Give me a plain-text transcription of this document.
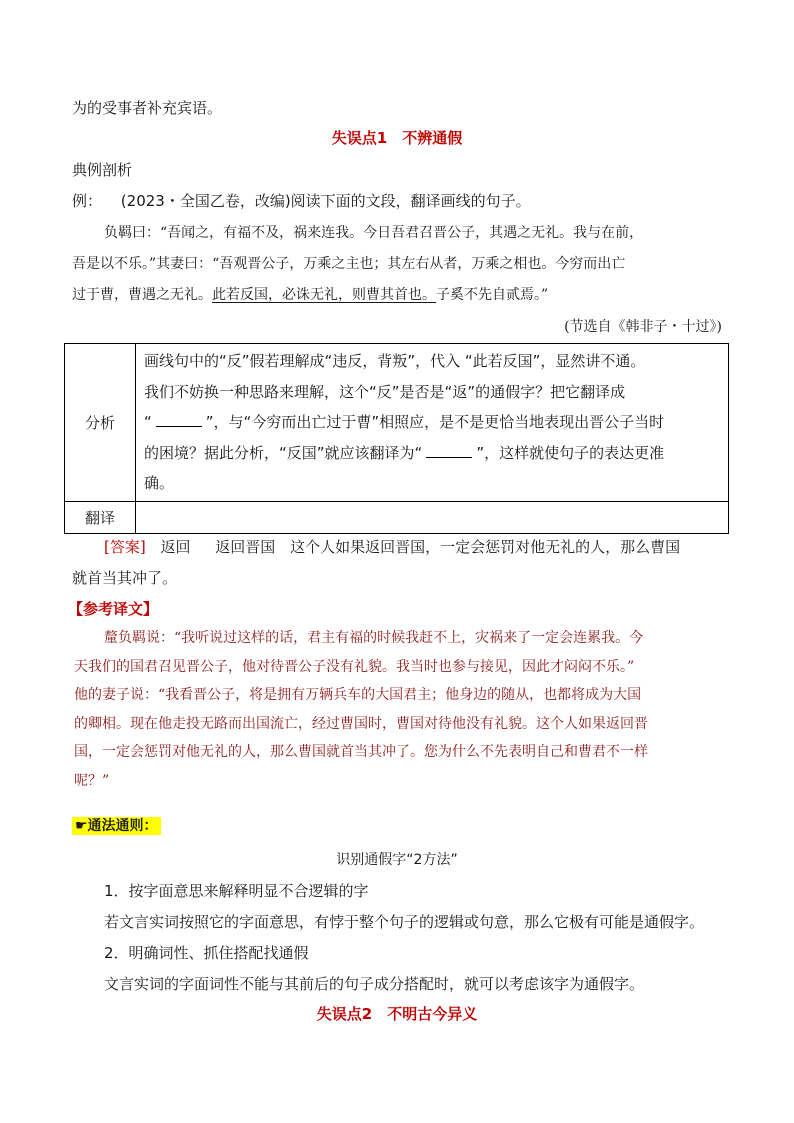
为的受事者补充宾语。
失误点1　不辨通假
典例剖析
例： (2023・全国乙卷，改编)阅读下面的文段，翻译画线的句子。
负羁曰：“吾闻之，有福不及，祸来连我。今日吾君召晋公子，其遇之无礼。我与在前，
吾是以不乐。”其妻曰：“吾观晋公子，万乘之主也；其左右从者，万乘之相也。今穷而出亡
过于曹，曹遇之无礼。此若反国，必诛无礼，则曹其首也。子奚不先自贰焉。”
(节选自《韩非子・十过》)
分析	画线句中的“反”假若理解成“违反，背叛”，代入 “此若反国”，显然讲不通。
我们不妨换一种思路来理解，这个“反”是否是“返”的通假字？把它翻译成
“ ”，与“今穷而出亡过于曹”相照应，是不是更恰当地表现出晋公子当时
的困境？据此分析，“反国”就应该翻译为“ ”，这样就使句子的表达更准
确。

翻译	
[答案] 返回 返回晋国 这个人如果返回晋国，一定会惩罚对他无礼的人，那么曹国
就首当其冲了。
【参考译文】
釐负羁说：“我听说过这样的话，君主有福的时候我赶不上，灾祸来了一定会连累我。今
天我们的国君召见晋公子，他对待晋公子没有礼貌。我当时也参与接见，因此才闷闷不乐。”
他的妻子说：“我看晋公子，将是拥有万辆兵车的大国君主；他身边的随从，也都将成为大国
的卿相。现在他走投无路而出国流亡，经过曹国时，曹国对待他没有礼貌。这个人如果返回晋
国，一定会惩罚对他无礼的人，那么曹国就首当其冲了。您为什么不先表明自己和曹君不一样
呢？”
☛通法通则：
识别通假字“2方法”
1．按字面意思来解释明显不合逻辑的字
若文言实词按照它的字面意思，有悖于整个句子的逻辑或句意，那么它极有可能是通假字。
2．明确词性、抓住搭配找通假
文言实词的字面词性不能与其前后的句子成分搭配时，就可以考虑该字为通假字。
失误点2　不明古今异义
